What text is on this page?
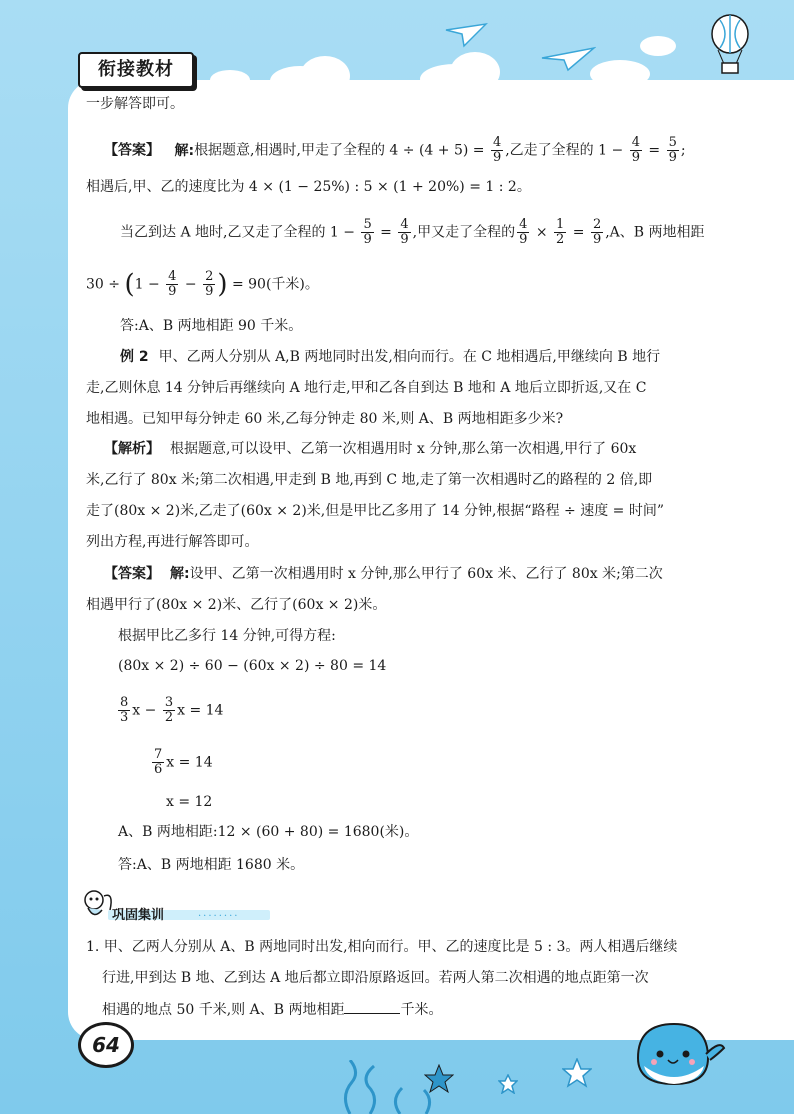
衔接教材
一步解答即可。
【答案】 解:根据题意,相遇时,甲走了全程的 $4 \div (4 + 5) = \frac{4}{9}$ ,乙走了全程的 $1 - \frac{4}{9} = \frac{5}{9}$ ;
相遇后,甲、乙的速度比为 4 × (1 − 25%) : 5 × (1 + 20%) = 1 : 2。
当乙到达 A 地时,乙又走了全程的 $1 - \frac{5}{9} = \frac{4}{9}$ ,甲又走了全程的 $\frac{4}{9} \times \frac{1}{2} = \frac{2}{9} ,A$、B 两地相距
$30 \div (1 - \frac{4}{9} - \frac{2}{9}$ ) = 90(千米)。
答:A、B 两地相距 90 千米。
例 2 甲、乙两人分别从 A,B 两地同时出发,相向而行。在 C 地相遇后,甲继续向 B 地行
走,乙则休息 14 分钟后再继续向 A 地行走,甲和乙各自到达 B 地和 A 地后立即折返,又在 C
地相遇。已知甲每分钟走 60 米,乙每分钟走 80 米,则 A、B 两地相距多少米?
【解析】 根据题意,可以设甲、乙第一次相遇用时 x 分钟,那么第一次相遇,甲行了 60x
米,乙行了 80x 米;第二次相遇,甲走到 B 地,再到 C 地,走了第一次相遇时乙的路程的 2 倍,即
走了(80x × 2)米,乙走了(60x × 2)米,但是甲比乙多用了 14 分钟,根据“路程 ÷ 速度 = 时间”
列出方程,再进行解答即可。
【答案】 解:设甲、乙第一次相遇用时 x 分钟,那么甲行了 60x 米、乙行了 80x 米;第二次
相遇甲行了(80x × 2)米、乙行了(60x × 2)米。
根据甲比乙多行 14 分钟,可得方程:
(80x × 2) ÷ 60 − (60x × 2) ÷ 80 = 14
$\frac{8}{3}$ $x - \frac{3}{2}$ x = 14
$\frac{7}{6}$ x = 14
x = 12
A、B 两地相距:12 × (60 + 80) = 1680(米)。
答:A、B 两地相距 1680 米。
巩固集训	........
1. 甲、乙两人分别从 A、B 两地同时出发,相向而行。甲、乙的速度比是 5 : 3。两人相遇后继续
行进,甲到达 B 地、乙到达 A 地后都立即沿原路返回。若两人第二次相遇的地点距第一次
相遇的地点 50 千米,则 A、B 两地相距	千米。
64
